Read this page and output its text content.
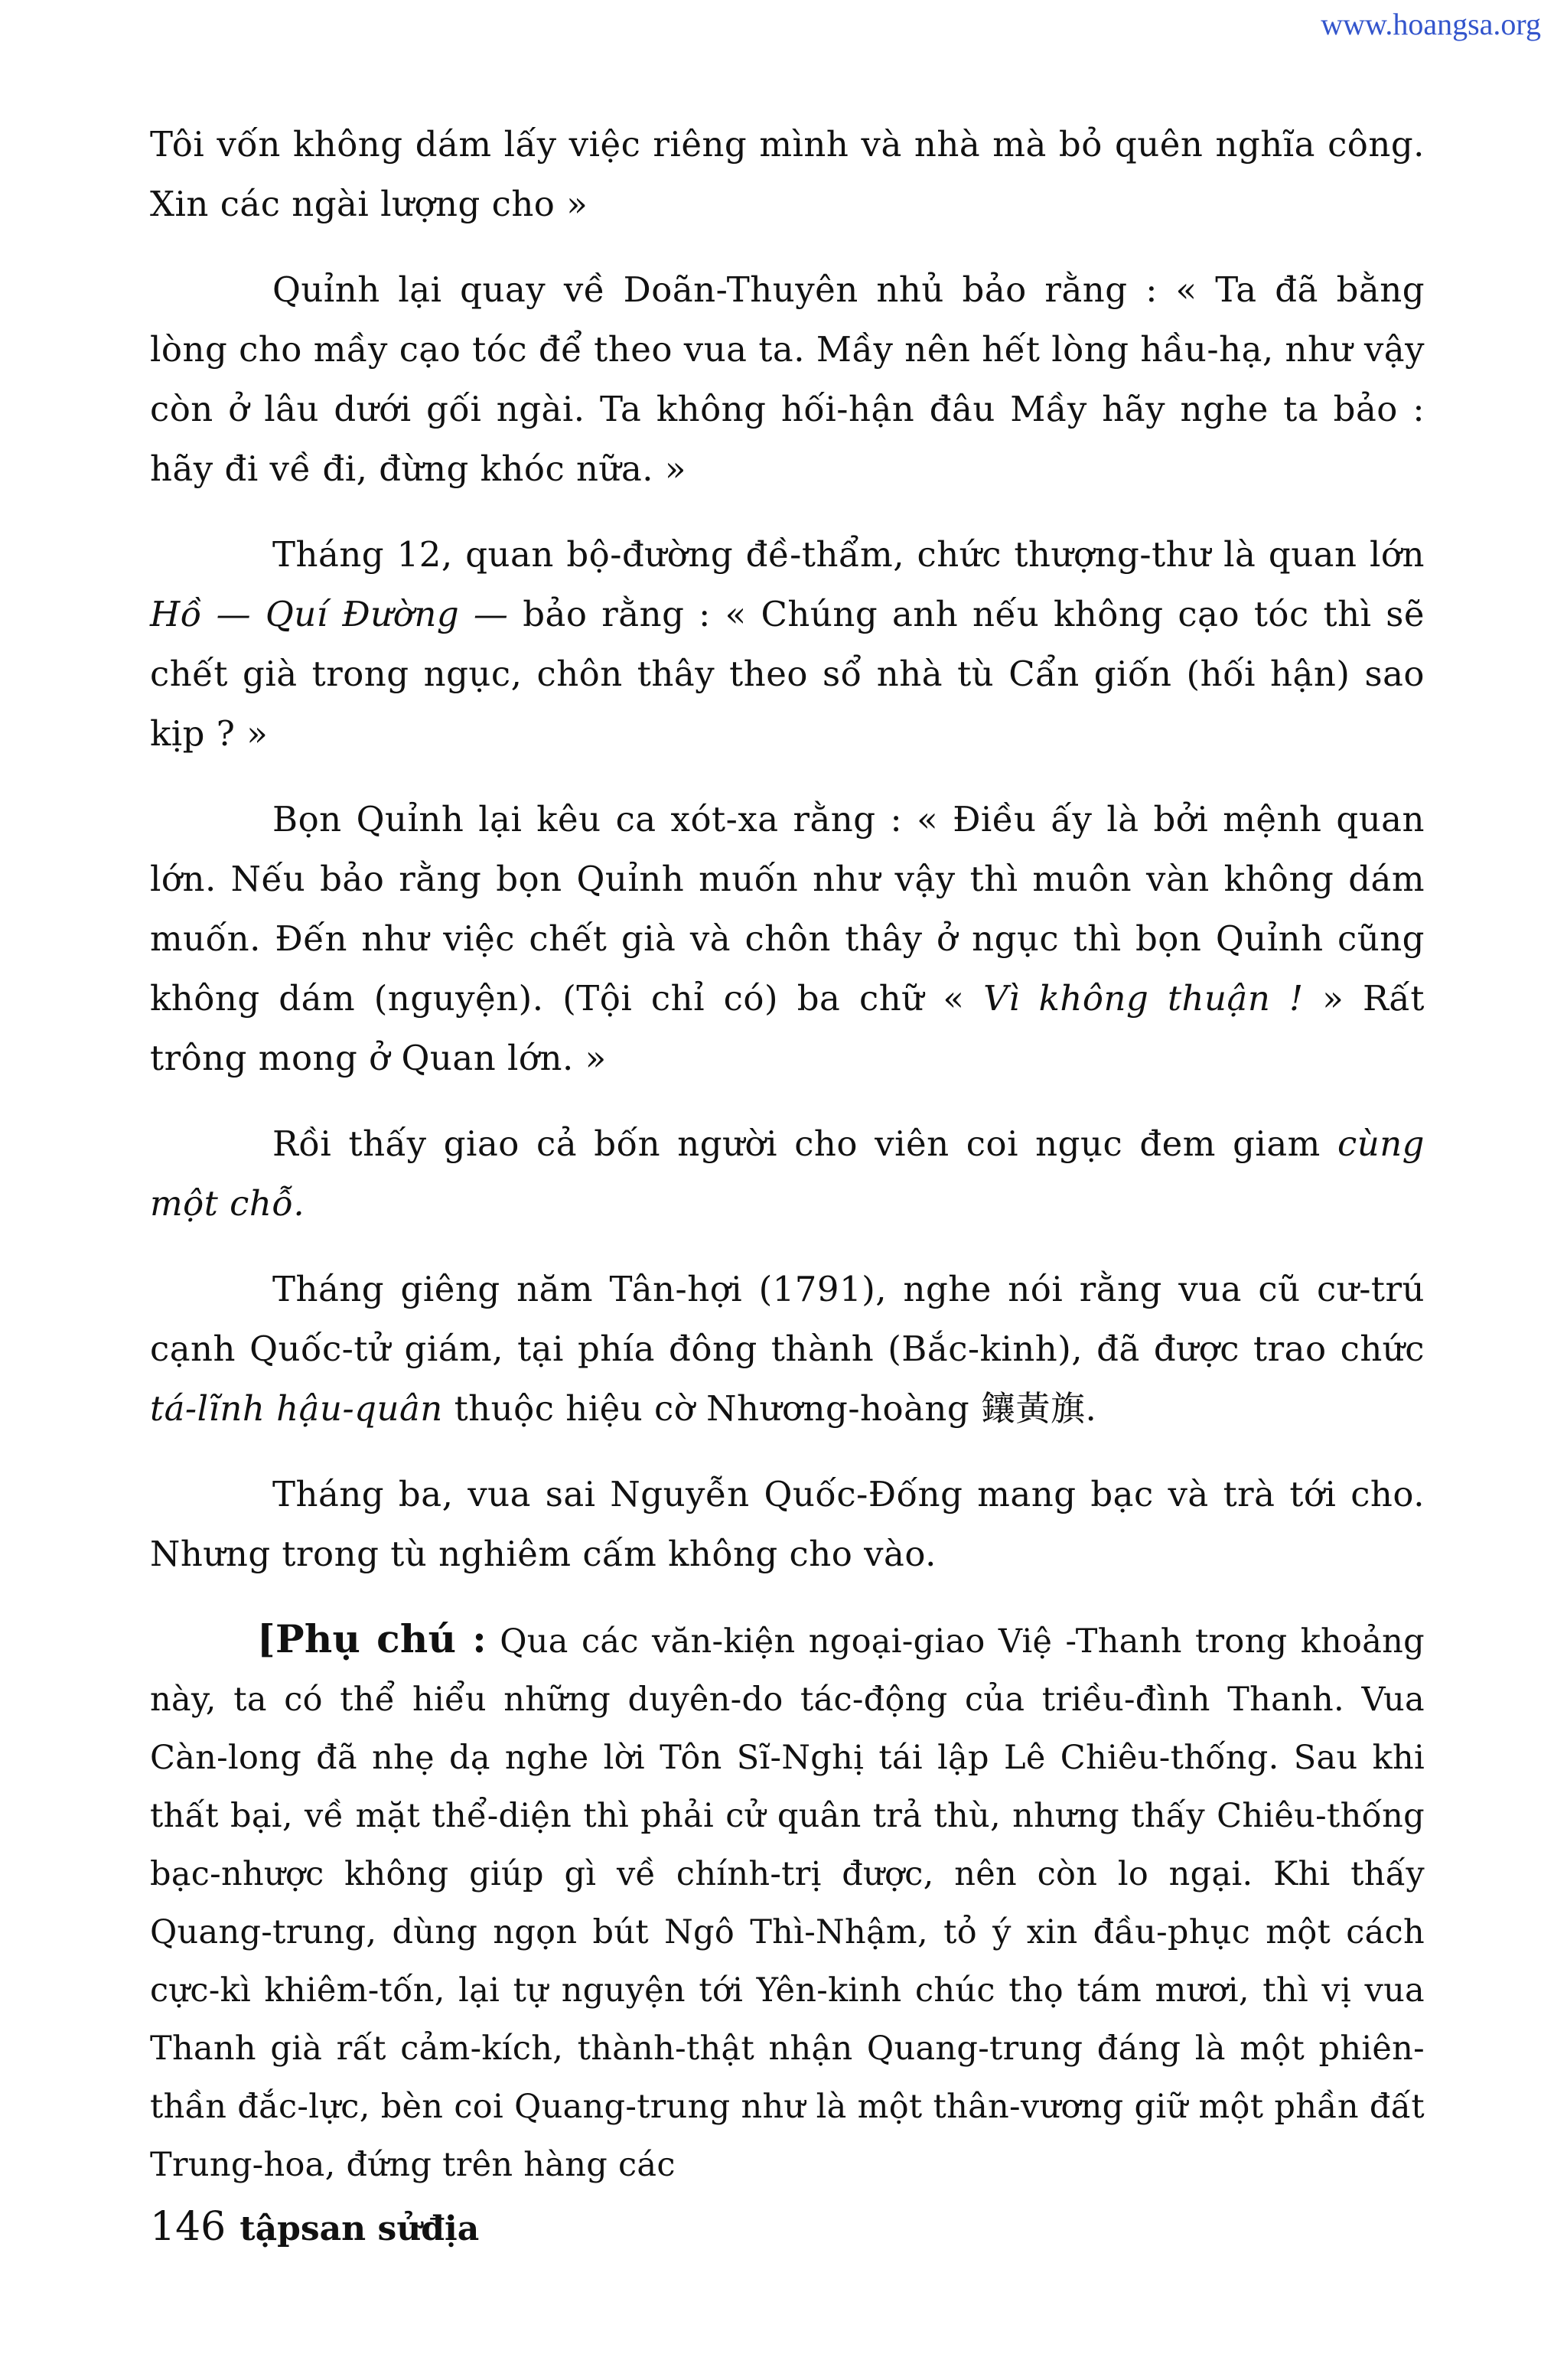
www.hoangsa.org

Tôi vốn không dám lấy việc riêng mình và nhà mà bỏ quên nghĩa công. Xin các ngài lượng cho »

Quỉnh lại quay về Doãn-Thuyên nhủ bảo rằng : « Ta đã bằng lòng cho mầy cạo tóc để theo vua ta. Mầy nên hết lòng hầu-hạ, như vậy còn ở lâu dưới gối ngài. Ta không hối-hận đâu Mầy hãy nghe ta bảo : hãy đi về đi, đừng khóc nữa. »

Tháng 12, quan bộ-đường đề-thẩm, chức thượng-thư là quan lớn Hồ — Quí Đường — bảo rằng : « Chúng anh nếu không cạo tóc thì sẽ chết già trong ngục, chôn thây theo sổ nhà tù Cẩn giốn (hối hận) sao kịp ? »

Bọn Quỉnh lại kêu ca xót-xa rằng : « Điều ấy là bởi mệnh quan lớn. Nếu bảo rằng bọn Quỉnh muốn như vậy thì muôn vàn không dám muốn. Đến như việc chết già và chôn thây ở ngục thì bọn Quỉnh cũng không dám (nguyện). (Tội chỉ có) ba chữ « Vì không thuận ! » Rất trông mong ở Quan lớn. »

Rồi thấy giao cả bốn người cho viên coi ngục đem giam cùng một chỗ.

Tháng giêng năm Tân-hợi (1791), nghe nói rằng vua cũ cư-trú cạnh Quốc-tử giám, tại phía đông thành (Bắc-kinh), đã được trao chức tá-lĩnh hậu-quân thuộc hiệu cờ Nhương-hoàng 鑲黃旗.

Tháng ba, vua sai Nguyễn Quốc-Đống mang bạc và trà tới cho. Nhưng trong tù nghiêm cấm không cho vào.

[Phụ chú : Qua các văn-kiện ngoại-giao Việ -Thanh trong khoảng này, ta có thể hiểu những duyên-do tác-động của triều-đình Thanh. Vua Càn-long đã nhẹ dạ nghe lời Tôn Sĩ-Nghị tái lập Lê Chiêu-thống. Sau khi thất bại, về mặt thể-diện thì phải cử quân trả thù, nhưng thấy Chiêu-thống bạc-nhược không giúp gì về chính-trị được, nên còn lo ngại. Khi thấy Quang-trung, dùng ngọn bút Ngô Thì-Nhậm, tỏ ý xin đầu-phục một cách cực-kì khiêm-tốn, lại tự nguyện tới Yên-kinh chúc thọ tám mươi, thì vị vua Thanh già rất cảm-kích, thành-thật nhận Quang-trung đáng là một phiên-thần đắc-lực, bèn coi Quang-trung như là một thân-vương giữ một phần đất Trung-hoa, đứng trên hàng các

146 tậpsan sửđịa
